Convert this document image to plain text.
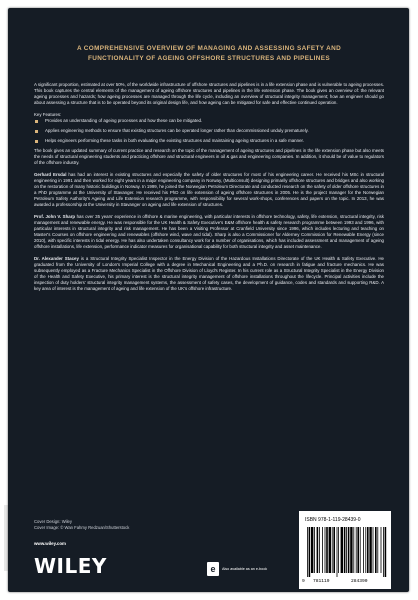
A COMPREHENSIVE OVERVIEW OF MANAGING AND ASSESSING SAFETY AND
FUNCTIONALITY OF AGEING OFFSHORE STRUCTURES AND PIPELINES

A significant proportion, estimated at over 50%, of the worldwide infrastructure of offshore structures and pipelines is in a life extension phase and is vulnerable to ageing processes. This book captures the central elements of the management of ageing offshore structures and pipelines in the life extension phase. The book gives an overview of: the relevant ageing processes and hazards; how ageing processes are managed through the life cycle, including an overview of structural integrity management; how an engineer should go about assessing a structure that is to be operated beyond its original design life, and how ageing can be mitigated for safe and effective continued operation.

Key Features:

Provides an understanding of ageing processes and how these can be mitigated.
Applies engineering methods to ensure that existing structures can be operated longer rather than decommissioned unduly prematurely.
Helps engineers performing these tasks in both evaluating the existing structures and maintaining ageing structures in a safe manner.

The book gives an updated summary of current practice and research on the topic of the management of ageing structures and pipelines in the life extension phase but also meets the needs of structural engineering students and practicing offshore and structural engineers in oil & gas and engineering companies. In addition, it should be of value to regulators of the offshore industry.

Gerhard Ersdal has had an interest in existing structures and especially the safety of older structures for most of his engineering career. He received his MSc in structural engineering in 1991 and then worked for eight years in a major engineering company in Norway, (Multiconsult) designing primarily offshore structures and bridges and also working on the restoration of many historic buildings in Norway. In 1999, he joined the Norwegian Petroleum Directorate and conducted research on the safety of older offshore structures in a PhD programme at the University of Stavanger. He received his PhD on life extension of ageing offshore structures in 2005. He is the project manager for the Norwegian Petroleum Safety Authority's Ageing and Life Extension research programme, with responsibility for several work-shops, conferences and papers on the topic. In 2013, he was awarded a professorship at the University in Stavanger on ageing and life extension of structures.

Prof. John V. Sharp has over 35 years' experience in offshore & marine engineering, with particular interests in offshore technology, safety, life extension, structural integrity, risk management and renewable energy. He was responsible for the UK Health & Safety Executive's E&M offshore health & safety research programme between 1993 and 1996, with particular interests in structural integrity and risk management. He has been a Visiting Professor at Cranfield University since 1996, which includes lecturing and teaching on Master's Courses on offshore engineering and renewables (offshore wind, wave and tidal). Sharp is also a Commissioner for Alderney Commission for Renewable Energy (since 2010), with specific interests in tidal energy. He has also undertaken consultancy work for a number of organisations, which has included assessment and management of ageing offshore installations, life extension, performance indicator measures for organisational capability for both structural integrity and asset maintenance.

Dr. Alexander Stacey is a Structural Integrity Specialist Inspector in the Energy Division of the Hazardous Installations Directorate of the UK Health & Safety Executive. He graduated from the University of London's Imperial College with a degree in Mechanical Engineering and a Ph.D. on research in fatigue and fracture mechanics. He was subsequently employed as a Fracture Mechanics Specialist in the Offshore Division of Lloyd's Register. In his current role as a Structural Integrity Specialist in the Energy Division of the Health and Safety Executive, his primary interest is the structural integrity management of offshore installations throughout the lifecycle. Principal activities include the inspection of duty holders' structural integrity management systems, the assessment of safety cases, the development of guidance, codes and standards and supporting R&D. A key area of interest is the management of ageing and life extension of the UK's offshore infrastructure.

Cover Design: Wiley
Cover Image: © Wan Fahmy Redzuan/Shutterstock
www.wiley.com
WILEY	e	Also available as an e-book
ISBN 978-1-119-28439-0
9 781119	284390
